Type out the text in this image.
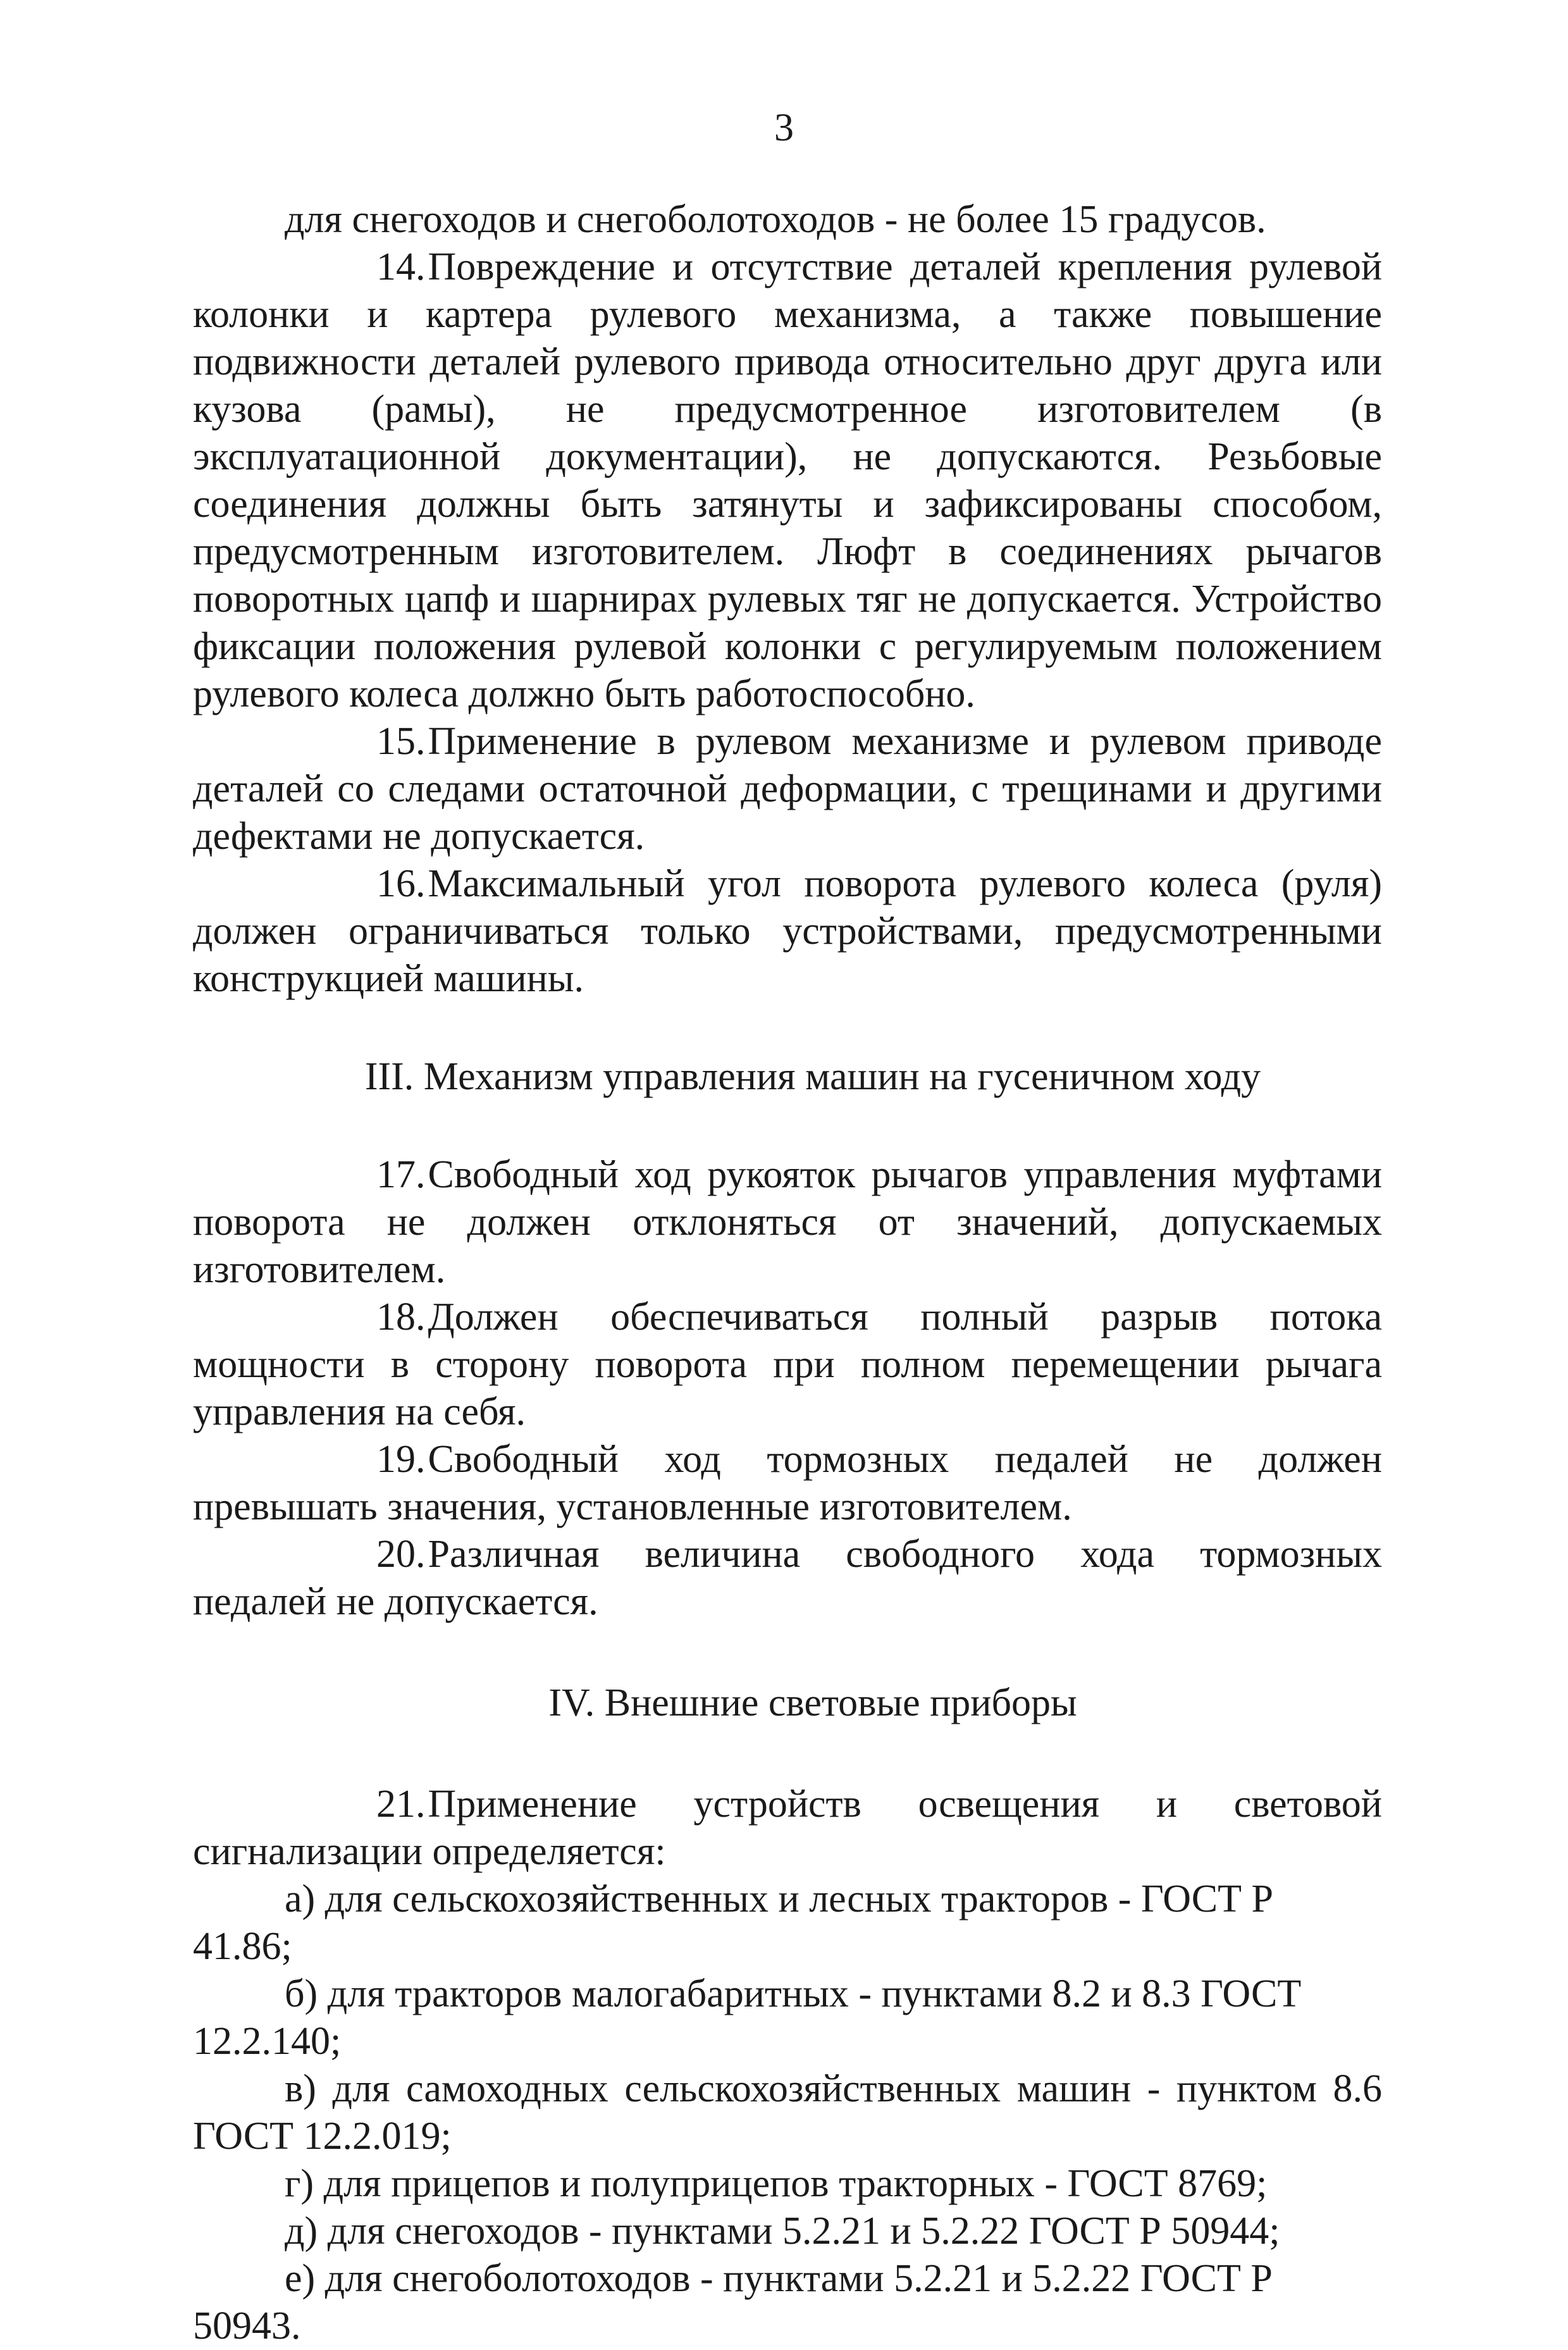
3

для снегоходов и снегоболотоходов - не более 15 градусов.

14.Повреждение и отсутствие деталей крепления рулевой колонки и картера рулевого механизма, а также повышение подвижности деталей рулевого привода относительно друг друга или кузова (рамы), не предусмотренное изготовителем (в эксплуатационной документации), не допускаются. Резьбовые соединения должны быть затянуты и зафиксированы способом, предусмотренным изготовителем. Люфт в соединениях рычагов поворотных цапф и шарнирах рулевых тяг не допускается. Устройство фиксации положения рулевой колонки с регулируемым положением рулевого колеса должно быть работоспособно.

15.Применение в рулевом механизме и рулевом приводе деталей со следами остаточной деформации, с трещинами и другими дефектами не допускается.

16.Максимальный угол поворота рулевого колеса (руля) должен ограничиваться только устройствами, предусмотренными конструкцией машины.

III. Механизм управления машин на гусеничном ходу

17.Свободный ход рукояток рычагов управления муфтами поворота не должен отклоняться от значений, допускаемых изготовителем.

18.Должен обеспечиваться полный разрыв потока мощности в сторону поворота при полном перемещении рычага управления на себя.

19.Свободный ход тормозных педалей не должен превышать значения, установленные изготовителем.

20.Различная величина свободного хода тормозных педалей не допускается.

IV. Внешние световые приборы

21.Применение устройств освещения и световой сигнализации определяется:

а) для сельскохозяйственных и лесных тракторов - ГОСТ Р 41.86;

б) для тракторов малогабаритных - пунктами 8.2 и 8.3 ГОСТ 12.2.140;

в) для самоходных сельскохозяйственных машин - пунктом 8.6 ГОСТ 12.2.019;

г) для прицепов и полуприцепов тракторных - ГОСТ 8769;

д) для снегоходов - пунктами 5.2.21 и 5.2.22 ГОСТ Р 50944;

е) для снегоболотоходов - пунктами 5.2.21 и 5.2.22 ГОСТ Р 50943.
